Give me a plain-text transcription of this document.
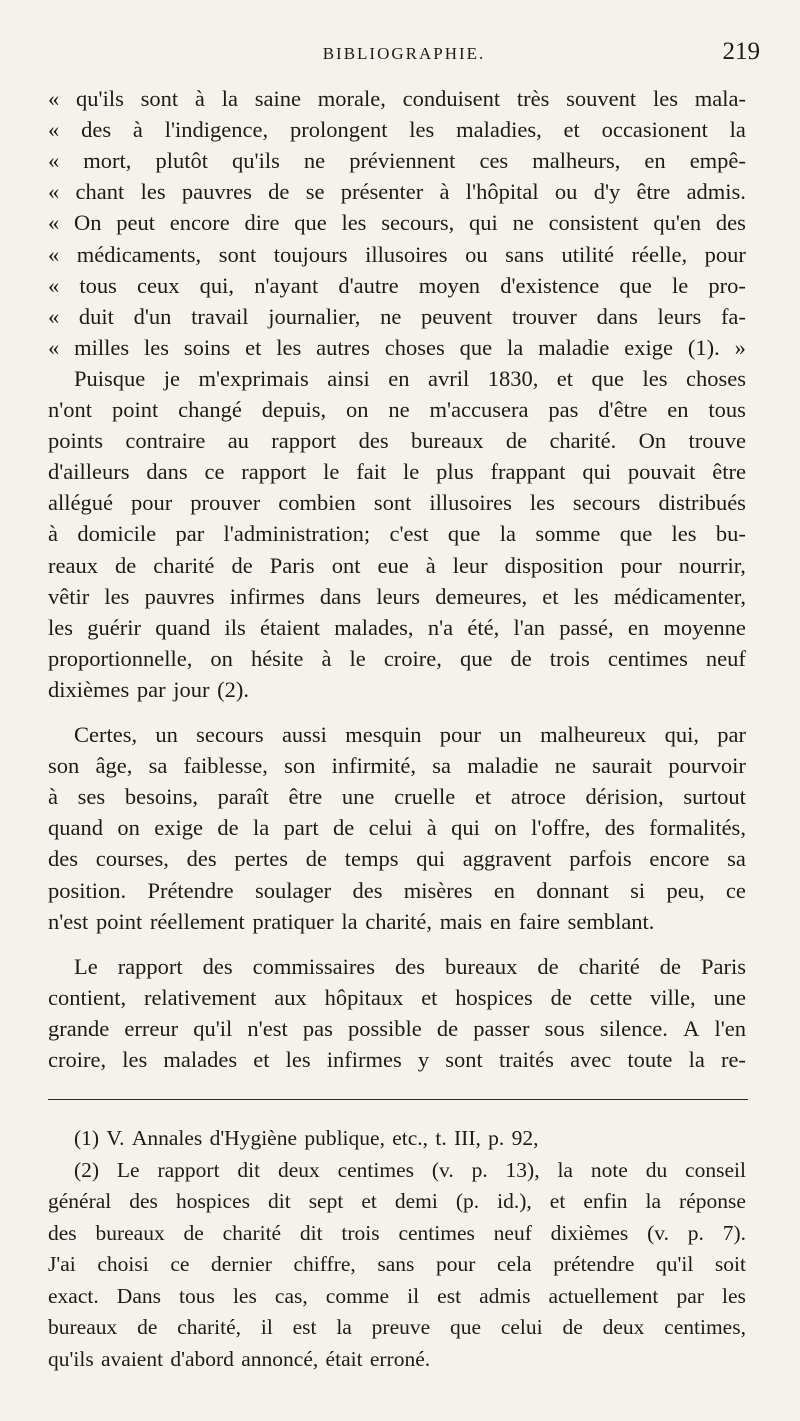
BIBLIOGRAPHIE.	219
« qu'ils sont à la saine morale, conduisent très souvent les mala-
« des à l'indigence, prolongent les maladies, et occasionent la
« mort, plutôt qu'ils ne préviennent ces malheurs, en empê-
« chant les pauvres de se présenter à l'hôpital ou d'y être admis.
« On peut encore dire que les secours, qui ne consistent qu'en des
« médicaments, sont toujours illusoires ou sans utilité réelle, pour
« tous ceux qui, n'ayant d'autre moyen d'existence que le pro-
« duit d'un travail journalier, ne peuvent trouver dans leurs fa-
« milles les soins et les autres choses que la maladie exige (1). »
Puisque je m'exprimais ainsi en avril 1830, et que les choses
n'ont point changé depuis, on ne m'accusera pas d'être en tous
points contraire au rapport des bureaux de charité. On trouve
d'ailleurs dans ce rapport le fait le plus frappant qui pouvait être
allégué pour prouver combien sont illusoires les secours distribués
à domicile par l'administration; c'est que la somme que les bu-
reaux de charité de Paris ont eue à leur disposition pour nourrir,
vêtir les pauvres infirmes dans leurs demeures, et les médicamenter,
les guérir quand ils étaient malades, n'a été, l'an passé, en moyenne
proportionnelle, on hésite à le croire, que de trois centimes neuf
dixièmes par jour (2).
Certes, un secours aussi mesquin pour un malheureux qui, par
son âge, sa faiblesse, son infirmité, sa maladie ne saurait pourvoir
à ses besoins, paraît être une cruelle et atroce dérision, surtout
quand on exige de la part de celui à qui on l'offre, des formalités,
des courses, des pertes de temps qui aggravent parfois encore sa
position. Prétendre soulager des misères en donnant si peu, ce
n'est point réellement pratiquer la charité, mais en faire semblant.
Le rapport des commissaires des bureaux de charité de Paris
contient, relativement aux hôpitaux et hospices de cette ville, une
grande erreur qu'il n'est pas possible de passer sous silence. A l'en
croire, les malades et les infirmes y sont traités avec toute la re-
(1) V. Annales d'Hygiène publique, etc., t. III, p. 92,
(2) Le rapport dit deux centimes (v. p. 13), la note du conseil
général des hospices dit sept et demi (p. id.), et enfin la réponse
des bureaux de charité dit trois centimes neuf dixièmes (v. p. 7).
J'ai choisi ce dernier chiffre, sans pour cela prétendre qu'il soit
exact. Dans tous les cas, comme il est admis actuellement par les
bureaux de charité, il est la preuve que celui de deux centimes,
qu'ils avaient d'abord annoncé, était erroné.
